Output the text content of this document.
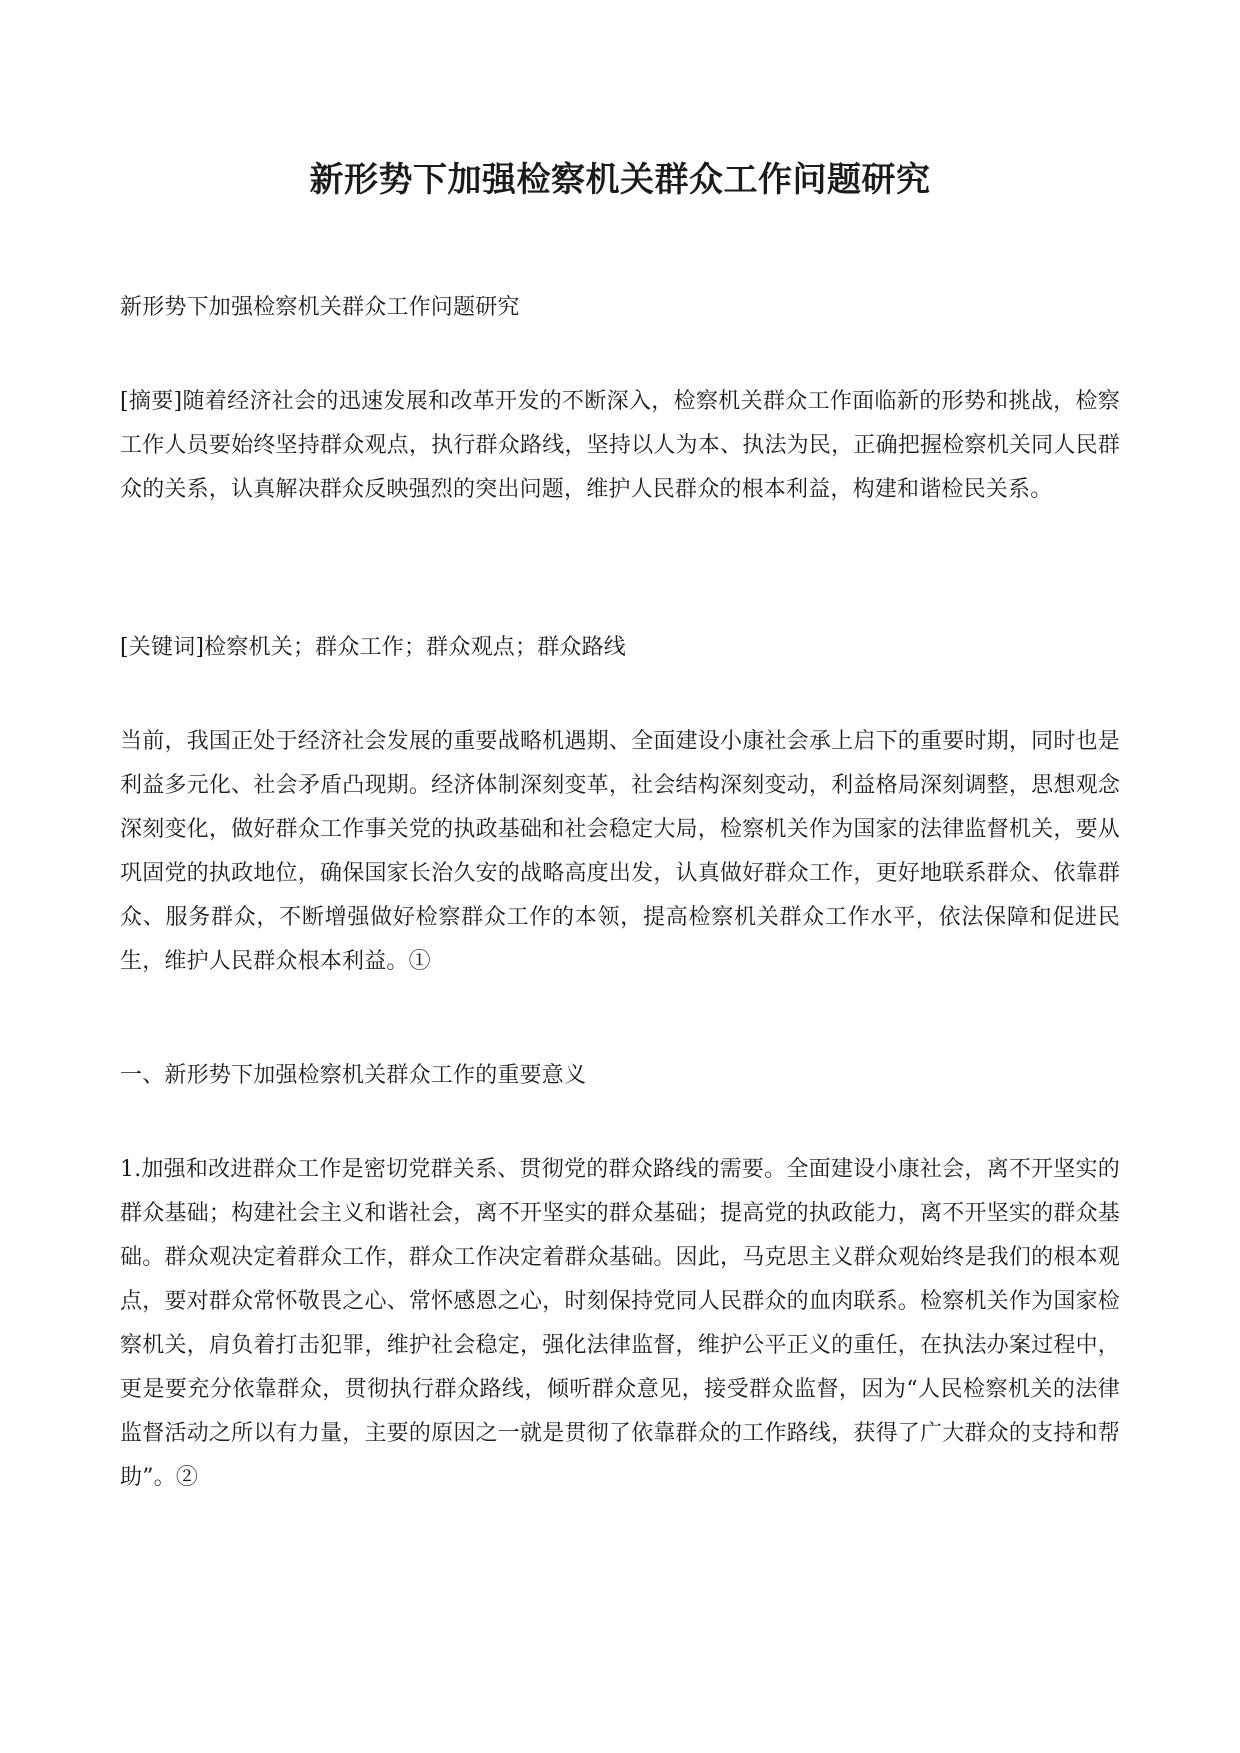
新形势下加强检察机关群众工作问题研究

新形势下加强检察机关群众工作问题研究

[摘要]随着经济社会的迅速发展和改革开发的不断深入，检察机关群众工作面临新的形势和挑战，检察工作人员要始终坚持群众观点，执行群众路线，坚持以人为本、执法为民，正确把握检察机关同人民群众的关系，认真解决群众反映强烈的突出问题，维护人民群众的根本利益，构建和谐检民关系。

[关键词]检察机关；群众工作；群众观点；群众路线

当前，我国正处于经济社会发展的重要战略机遇期、全面建设小康社会承上启下的重要时期，同时也是利益多元化、社会矛盾凸现期。经济体制深刻变革，社会结构深刻变动，利益格局深刻调整，思想观念深刻变化，做好群众工作事关党的执政基础和社会稳定大局，检察机关作为国家的法律监督机关，要从巩固党的执政地位，确保国家长治久安的战略高度出发，认真做好群众工作，更好地联系群众、依靠群众、服务群众，不断增强做好检察群众工作的本领，提高检察机关群众工作水平，依法保障和促进民生，维护人民群众根本利益。①

一、新形势下加强检察机关群众工作的重要意义

1.加强和改进群众工作是密切党群关系、贯彻党的群众路线的需要。全面建设小康社会，离不开坚实的群众基础；构建社会主义和谐社会，离不开坚实的群众基础；提高党的执政能力，离不开坚实的群众基础。群众观决定着群众工作，群众工作决定着群众基础。因此，马克思主义群众观始终是我们的根本观点，要对群众常怀敬畏之心、常怀感恩之心，时刻保持党同人民群众的血肉联系。检察机关作为国家检察机关，肩负着打击犯罪，维护社会稳定，强化法律监督，维护公平正义的重任，在执法办案过程中，更是要充分依靠群众，贯彻执行群众路线，倾听群众意见，接受群众监督，因为“人民检察机关的法律监督活动之所以有力量，主要的原因之一就是贯彻了依靠群众的工作路线，获得了广大群众的支持和帮助”。②
